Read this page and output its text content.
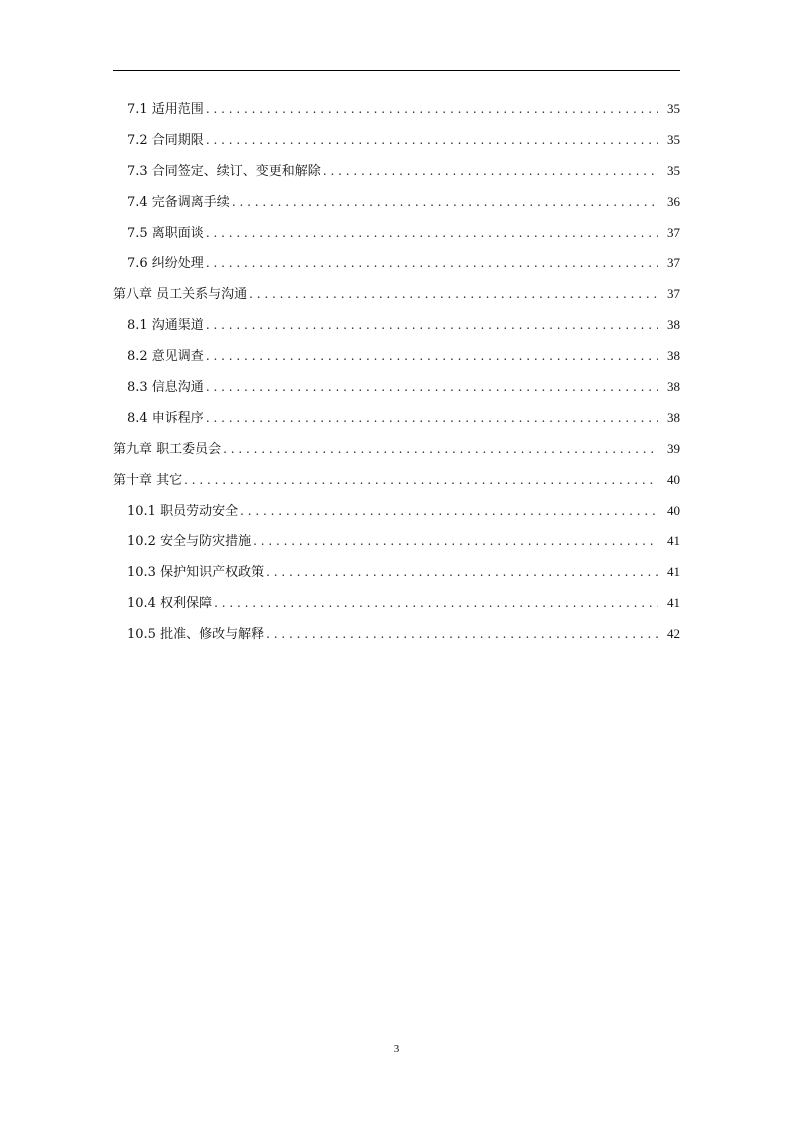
7.1 适用范围 . . .	35
7.2 合同期限 . . .	35
7.3 合同签定、续订、变更和解除 . . .	35
7.4 完备调离手续 . . .	36
7.5 离职面谈 . . .	37
7.6 纠纷处理 . . .	37
第八章 员工关系与沟通 . . .	37
8.1 沟通渠道 . . .	38
8.2 意见调查 . . .	38
8.3 信息沟通 . . .	38
8.4 申诉程序 . . .	38
第九章 职工委员会 . . .	39
第十章 其它 . . .	40
10.1 职员劳动安全 . . .	40
10.2 安全与防灾措施 . . .	41
10.3 保护知识产权政策 . . .	41
10.4 权利保障 . . .	41
10.5 批准、修改与解释 . . .	42
3
